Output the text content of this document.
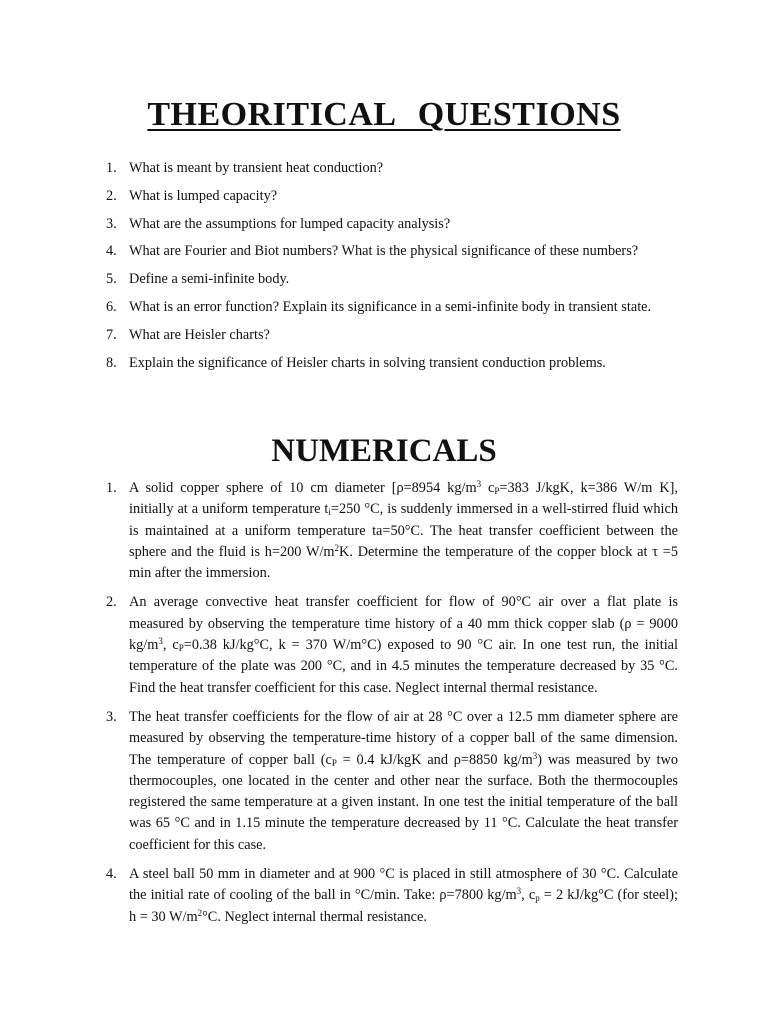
THEORITICAL QUESTIONS
1. What is meant by transient heat conduction?
2. What is lumped capacity?
3. What are the assumptions for lumped capacity analysis?
4. What are Fourier and Biot numbers? What is the physical significance of these numbers?
5. Define a semi-infinite body.
6. What is an error function? Explain its significance in a semi-infinite body in transient state.
7. What are Heisler charts?
8. Explain the significance of Heisler charts in solving transient conduction problems.
NUMERICALS
1. A solid copper sphere of 10 cm diameter [ρ=8954 $kg/m^3$ $c_P=383$ J/kgK, k=386 W/m K], initially at a uniform temperature $t_i=250$ °C, is suddenly immersed in a well-stirred fluid which is maintained at a uniform temperature ta=50°C. The heat transfer coefficient between the sphere and the fluid is h=200 $W/m^2K$. Determine the temperature of the copper block at τ =5 min after the immersion.
2. An average convective heat transfer coefficient for flow of 90°C air over a flat plate is measured by observing the temperature time history of a 40 mm thick copper slab (ρ = 9000 $kg/m^3$, $c_P=0.38$ kJ/kg°C, k = 370 W/m°C) exposed to 90 °C air. In one test run, the initial temperature of the plate was 200 °C, and in 4.5 minutes the temperature decreased by 35 °C. Find the heat transfer coefficient for this case. Neglect internal thermal resistance.
3. The heat transfer coefficients for the flow of air at 28 °C over a 12.5 mm diameter sphere are measured by observing the temperature-time history of a copper ball of the same dimension. The temperature of copper ball ($c_P = 0.4$ kJ/kgK and ρ=8850 $kg/m^3$) was measured by two thermocouples, one located in the center and other near the surface. Both the thermocouples registered the same temperature at a given instant. In one test the initial temperature of the ball was 65 °C and in 1.15 minute the temperature decreased by 11 °C. Calculate the heat transfer coefficient for this case.
4. A steel ball 50 mm in diameter and at 900 °C is placed in still atmosphere of 30 °C. Calculate the initial rate of cooling of the ball in °C/min. Take: ρ=7800 $kg/m^3$, $c_p = 2$ kJ/kg°C (for steel); h = 30 $W/m^2^\circ C$. Neglect internal thermal resistance.
